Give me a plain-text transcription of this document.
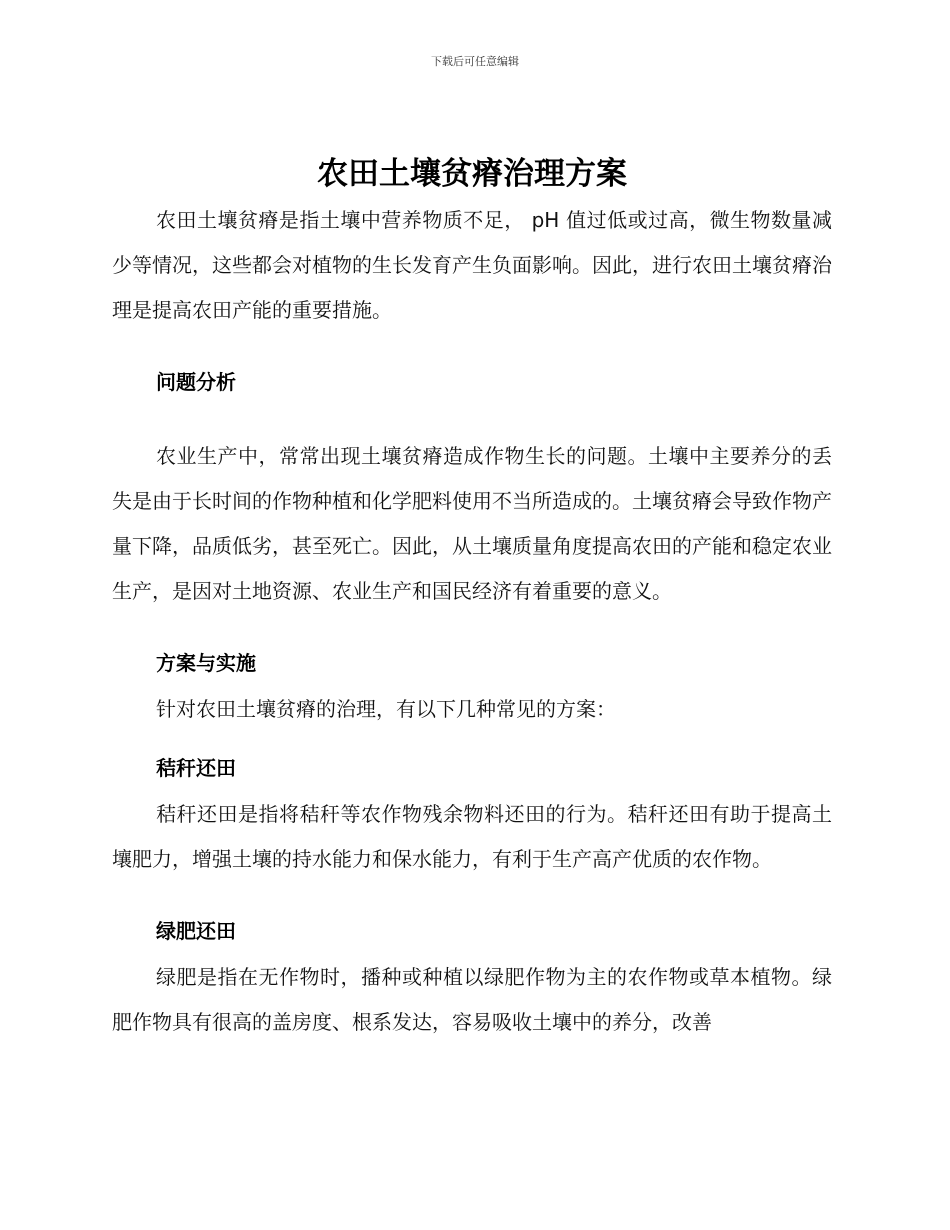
下载后可任意编辑
农田土壤贫瘠治理方案

农田土壤贫瘠是指土壤中营养物质不足， pH 值过低或过高，微生物数量减少等情况，这些都会对植物的生长发育产生负面影响。因此，进行农田土壤贫瘠治理是提高农田产能的重要措施。

问题分析

农业生产中，常常出现土壤贫瘠造成作物生长的问题。土壤中主要养分的丢失是由于长时间的作物种植和化学肥料使用不当所造成的。土壤贫瘠会导致作物产量下降，品质低劣，甚至死亡。因此，从土壤质量角度提高农田的产能和稳定农业生产，是因对土地资源、农业生产和国民经济有着重要的意义。

方案与实施

针对农田土壤贫瘠的治理，有以下几种常见的方案：

秸秆还田

秸秆还田是指将秸秆等农作物残余物料还田的行为。秸秆还田有助于提高土壤肥力，增强土壤的持水能力和保水能力，有利于生产高产优质的农作物。

绿肥还田

绿肥是指在无作物时，播种或种植以绿肥作物为主的农作物或草本植物。绿肥作物具有很高的盖房度、根系发达，容易吸收土壤中的养分，改善
